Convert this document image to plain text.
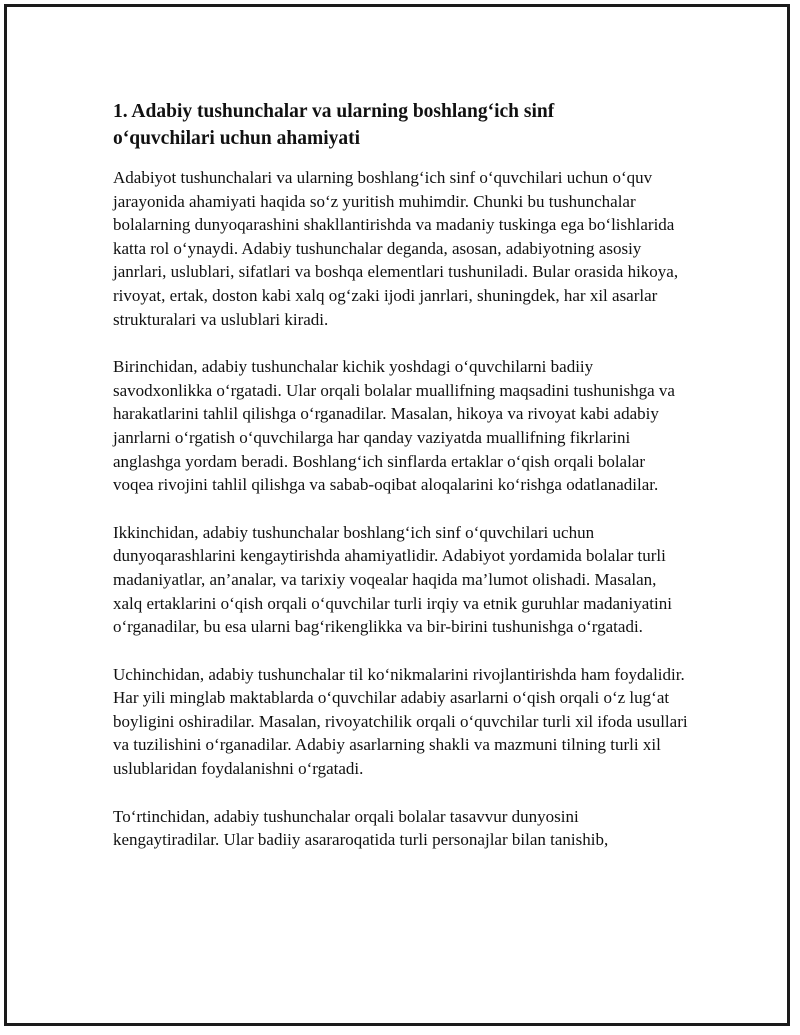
1. Adabiy tushunchalar va ularning boshlangʻich sinf
oʻquvchilari uchun ahamiyati

Adabiyot tushunchalari va ularning boshlangʻich sinf oʻquvchilari uchun oʻquv jarayonida ahamiyati haqida soʻz yuritish muhimdir. Chunki bu tushunchalar bolalarning dunyoqarashini shakllantirishda va madaniy tuskinga ega boʻlishlarida katta rol oʻynaydi. Adabiy tushunchalar deganda, asosan, adabiyotning asosiy janrlari, uslublari, sifatlari va boshqa elementlari tushuniladi. Bular orasida hikoya, rivoyat, ertak, doston kabi xalq ogʻzaki ijodi janrlari, shuningdek, har xil asarlar strukturalari va uslublari kiradi.

Birinchidan, adabiy tushunchalar kichik yoshdagi oʻquvchilarni badiiy savodxonlikka oʻrgatadi. Ular orqali bolalar muallifning maqsadini tushunishga va harakatlarini tahlil qilishga oʻrganadilar. Masalan, hikoya va rivoyat kabi adabiy janrlarni oʻrgatish oʻquvchilarga har qanday vaziyatda muallifning fikrlarini anglashga yordam beradi. Boshlangʻich sinflarda ertaklar oʻqish orqali bolalar voqea rivojini tahlil qilishga va sabab-oqibat aloqalarini koʻrishga odatlanadilar.

Ikkinchidan, adabiy tushunchalar boshlangʻich sinf oʻquvchilari uchun dunyoqarashlarini kengaytirishda ahamiyatlidir. Adabiyot yordamida bolalar turli madaniyatlar, an’analar, va tarixiy voqealar haqida ma’lumot olishadi. Masalan, xalq ertaklarini oʻqish orqali oʻquvchilar turli irqiy va etnik guruhlar madaniyatini oʻrganadilar, bu esa ularni bagʻrikenglikka va bir-birini tushunishga oʻrgatadi.

Uchinchidan, adabiy tushunchalar til koʻnikmalarini rivojlantirishda ham foydalidir. Har yili minglab maktablarda oʻquvchilar adabiy asarlarni oʻqish orqali oʻz lugʻat boyligini oshiradilar. Masalan, rivoyatchilik orqali oʻquvchilar turli xil ifoda usullari va tuzilishini oʻrganadilar. Adabiy asarlarning shakli va mazmuni tilning turli xil uslublaridan foydalanishni oʻrgatadi.

Toʻrtinchidan, adabiy tushunchalar orqali bolalar tasavvur dunyosini kengaytiradilar. Ular badiiy asararoqatida turli personajlar bilan tanishib,
